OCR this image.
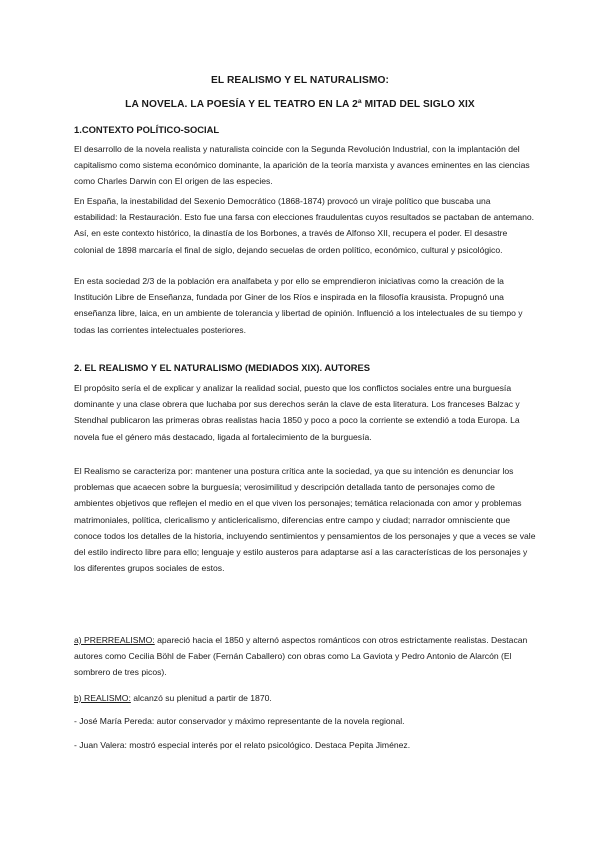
EL REALISMO Y EL NATURALISMO:
LA NOVELA. LA POESÍA Y EL TEATRO EN LA 2ª MITAD DEL SIGLO XIX
1.CONTEXTO POLÍTICO-SOCIAL

El desarrollo de la novela realista y naturalista coincide con la Segunda Revolución Industrial, con la implantación del capitalismo como sistema económico dominante, la aparición de la teoría marxista y avances eminentes en las ciencias como Charles Darwin con El origen de las especies.

En España, la inestabilidad del Sexenio Democrático (1868-1874) provocó un viraje político que buscaba una estabilidad: la Restauración. Esto fue una farsa con elecciones fraudulentas cuyos resultados se pactaban de antemano. Así, en este contexto histórico, la dinastía de los Borbones, a través de Alfonso XII, recupera el poder. El desastre colonial de 1898 marcaría el final de siglo, dejando secuelas de orden político, económico, cultural y psicológico.

En esta sociedad 2/3 de la población era analfabeta y por ello se emprendieron iniciativas como la creación de la Institución Libre de Enseñanza, fundada por Giner de los Ríos e inspirada en la filosofía krausista. Propugnó una enseñanza libre, laica, en un ambiente de tolerancia y libertad de opinión. Influenció a los intelectuales de su tiempo y todas las corrientes intelectuales posteriores.

2. EL REALISMO Y EL NATURALISMO (MEDIADOS XIX). AUTORES

El propósito sería el de explicar y analizar la realidad social, puesto que los conflictos sociales entre una burguesía dominante y una clase obrera que luchaba por sus derechos serán la clave de esta literatura. Los franceses Balzac y Stendhal publicaron las primeras obras realistas hacia 1850 y poco a poco la corriente se extendió a toda Europa. La novela fue el género más destacado, ligada al fortalecimiento de la burguesía.

El Realismo se caracteriza por: mantener una postura crítica ante la sociedad, ya que su intención es denunciar los problemas que acaecen sobre la burguesía; verosimilitud y descripción detallada tanto de personajes como de ambientes objetivos que reflejen el medio en el que viven los personajes; temática relacionada con amor y problemas matrimoniales, política, clericalismo y anticlericalismo, diferencias entre campo y ciudad; narrador omnisciente que conoce todos los detalles de la historia, incluyendo sentimientos y pensamientos de los personajes y que a veces se vale del estilo indirecto libre para ello; lenguaje y estilo austeros para adaptarse así a las características de los personajes y los diferentes grupos sociales de estos.

a) PRERREALISMO: apareció hacia el 1850 y alternó aspectos románticos con otros estrictamente realistas. Destacan autores como Cecilia Böhl de Faber (Fernán Caballero) con obras como La Gaviota y Pedro Antonio de Alarcón (El sombrero de tres picos).

b) REALISMO: alcanzó su plenitud a partir de 1870.

- José María Pereda: autor conservador y máximo representante de la novela regional.

- Juan Valera: mostró especial interés por el relato psicológico. Destaca Pepita Jiménez.
